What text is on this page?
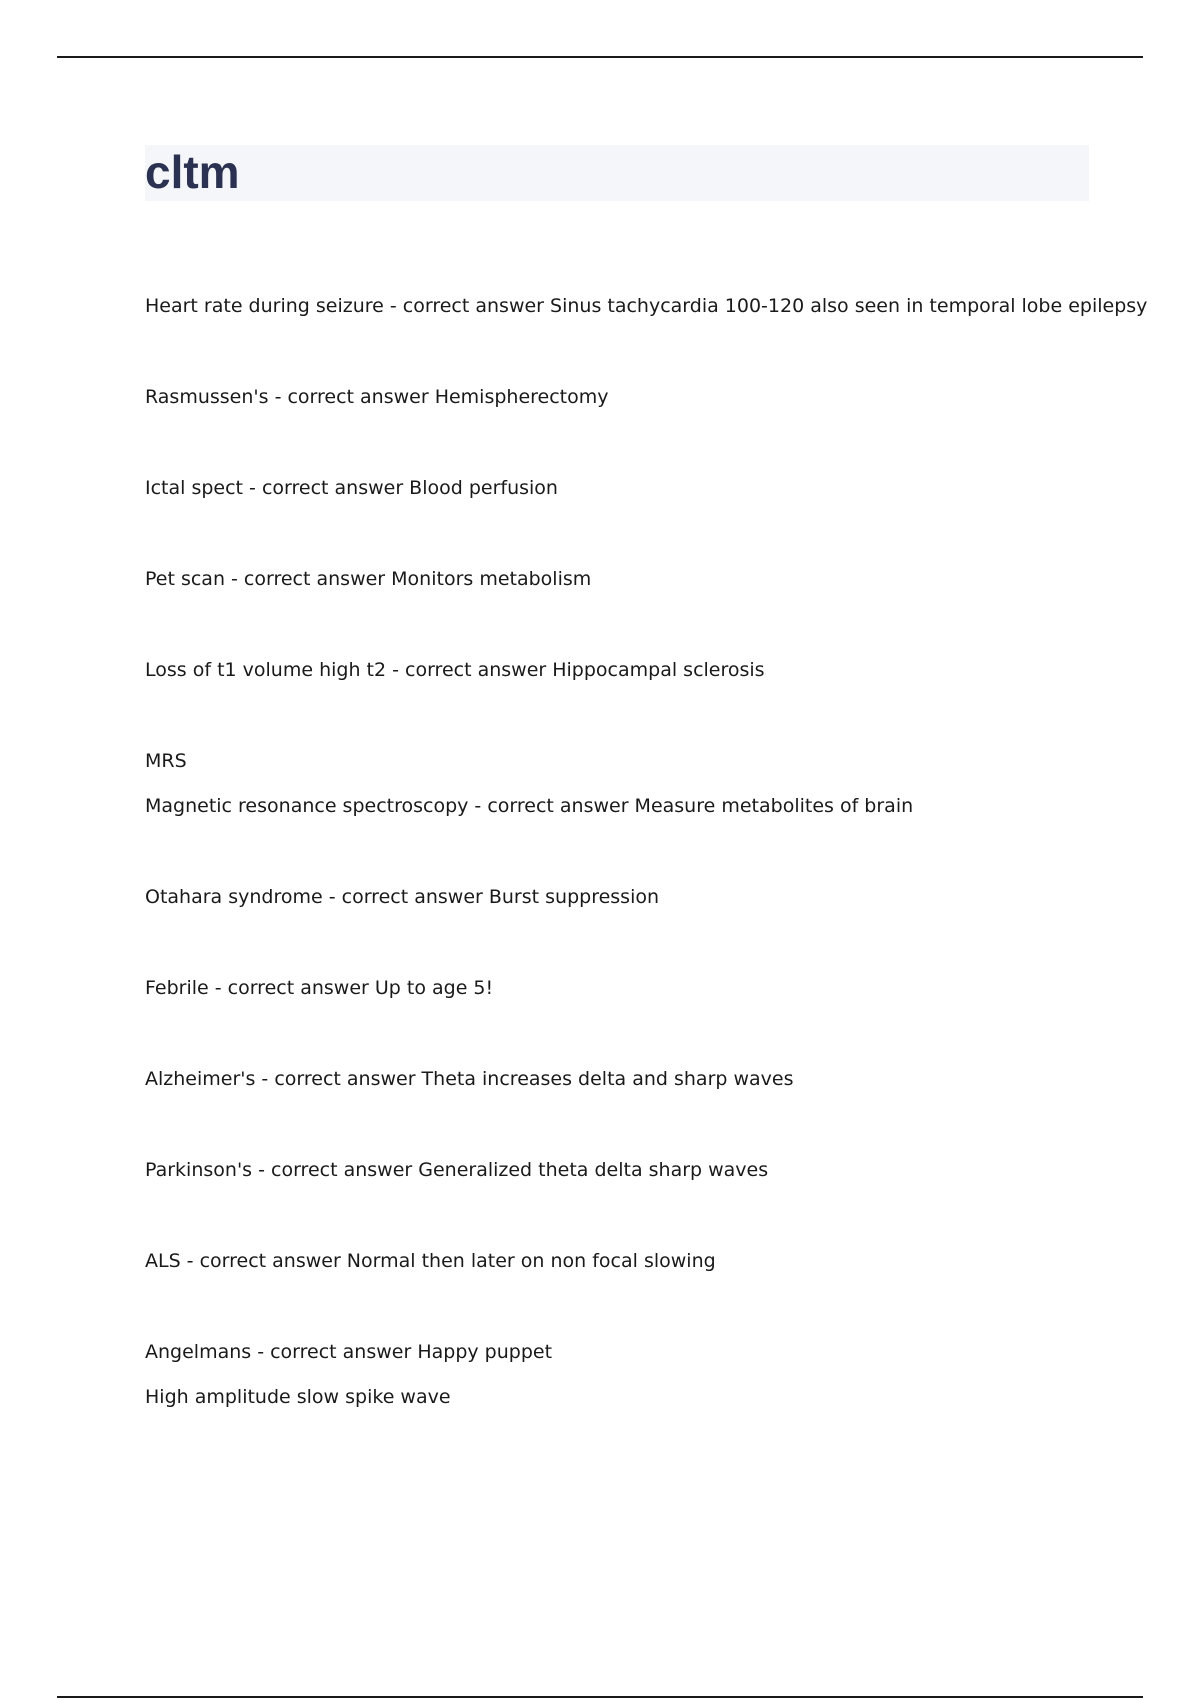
cltm
Heart rate during seizure - correct answer Sinus tachycardia 100-120 also seen in temporal lobe epilepsy
Rasmussen's - correct answer Hemispherectomy
Ictal spect - correct answer Blood perfusion
Pet scan - correct answer Monitors metabolism
Loss of t1 volume high t2 - correct answer Hippocampal sclerosis
MRS
Magnetic resonance spectroscopy - correct answer Measure metabolites of brain
Otahara syndrome - correct answer Burst suppression
Febrile - correct answer Up to age 5!
Alzheimer's - correct answer Theta increases delta and sharp waves
Parkinson's - correct answer Generalized theta delta sharp waves
ALS - correct answer Normal then later on non focal slowing
Angelmans - correct answer Happy puppet
High amplitude slow spike wave
